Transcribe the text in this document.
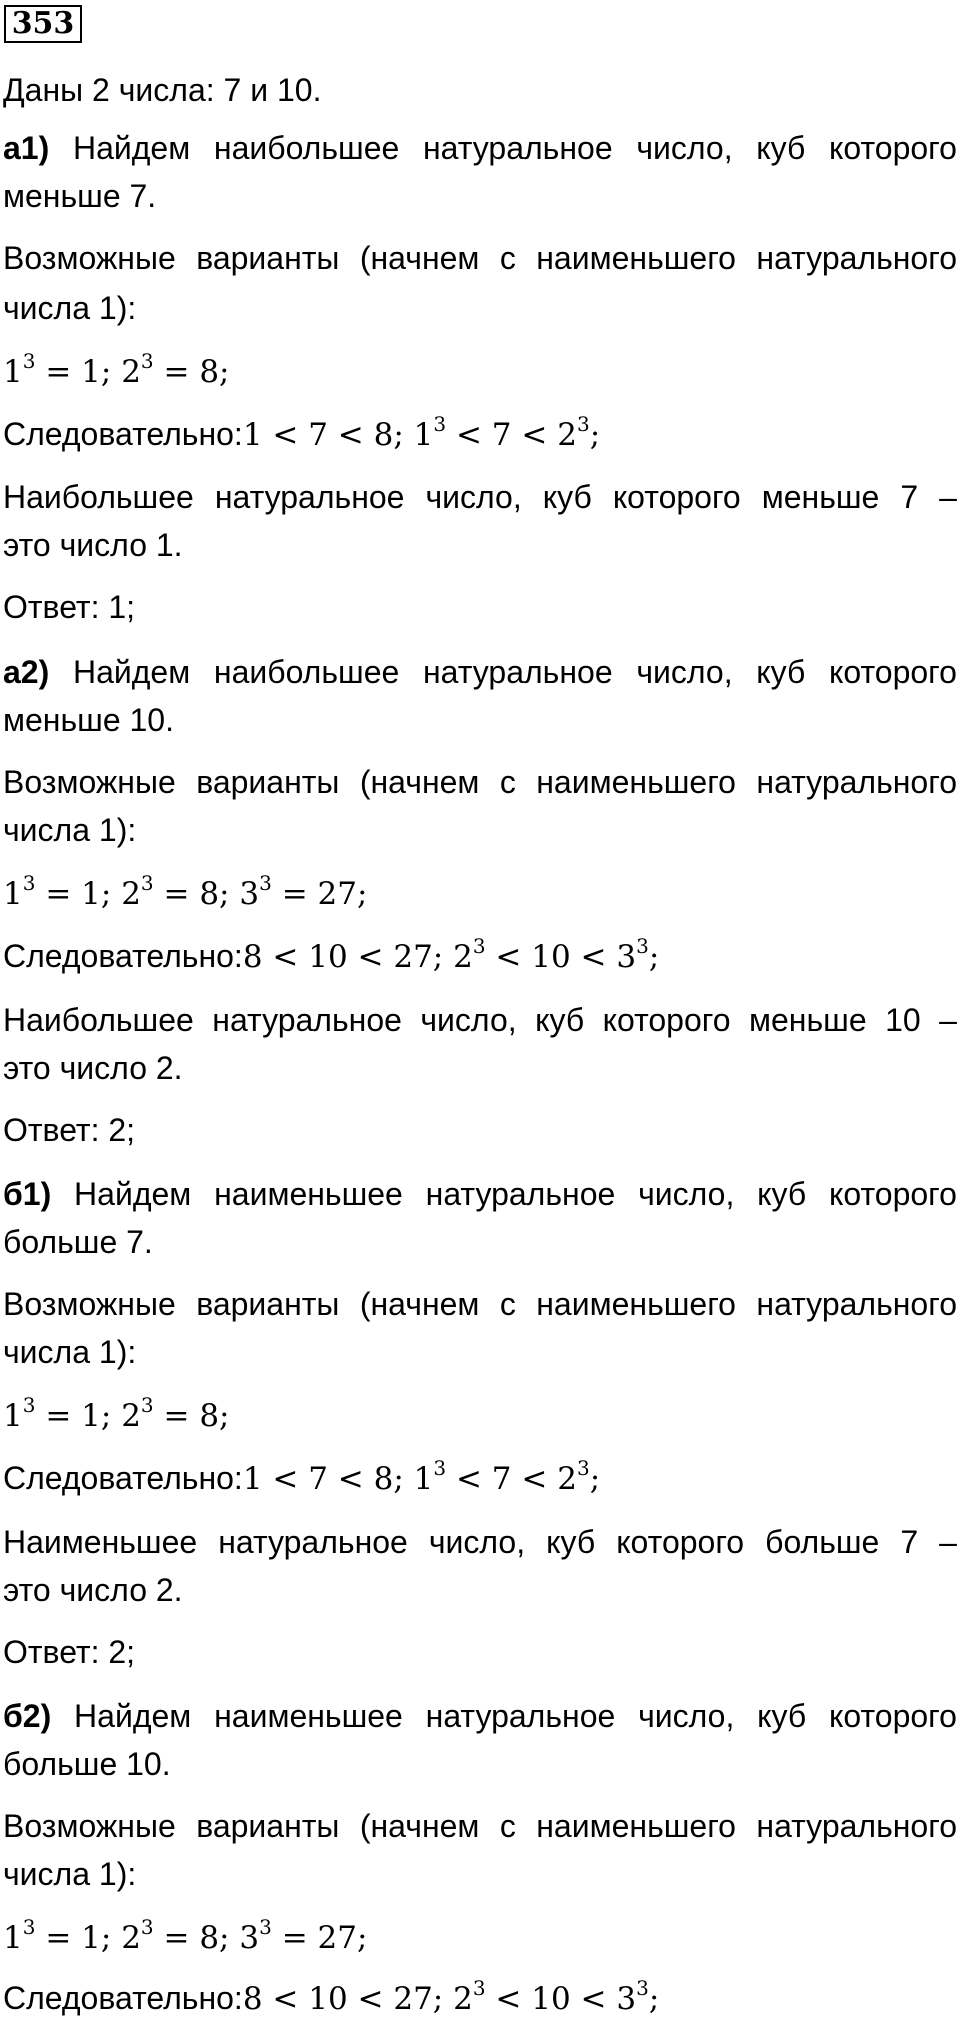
353
Даны 2 числа: 7 и 10.
а1) Найдем наибольшее натуральное число, куб которого
меньше 7.
Возможные варианты (начнем с наименьшего натурального
числа 1):
$1^3 = 1$; $2^3 = 8$;
Следовательно:1 < 7 < 8; $1^3 < 7 < 2^3$;
Наибольшее натуральное число, куб которого меньше 7 –
это число 1.
Ответ: 1;
а2) Найдем наибольшее натуральное число, куб которого
меньше 10.
Возможные варианты (начнем с наименьшего натурального
числа 1):
$1^3 = 1$; $2^3 = 8$; $3^3 = 27$;
Следовательно:8 < 10 < 27; $2^3 < 10 < 3^3$;
Наибольшее натуральное число, куб которого меньше 10 –
это число 2.
Ответ: 2;
б1) Найдем наименьшее натуральное число, куб которого
больше 7.
Возможные варианты (начнем с наименьшего натурального
числа 1):
$1^3 = 1$; $2^3 = 8$;
Следовательно:1 < 7 < 8; $1^3 < 7 < 2^3$;
Наименьшее натуральное число, куб которого больше 7 –
это число 2.
Ответ: 2;
б2) Найдем наименьшее натуральное число, куб которого
больше 10.
Возможные варианты (начнем с наименьшего натурального
числа 1):
$1^3 = 1$; $2^3 = 8$; $3^3 = 27$;
Следовательно:8 < 10 < 27; $2^3 < 10 < 3^3$;
